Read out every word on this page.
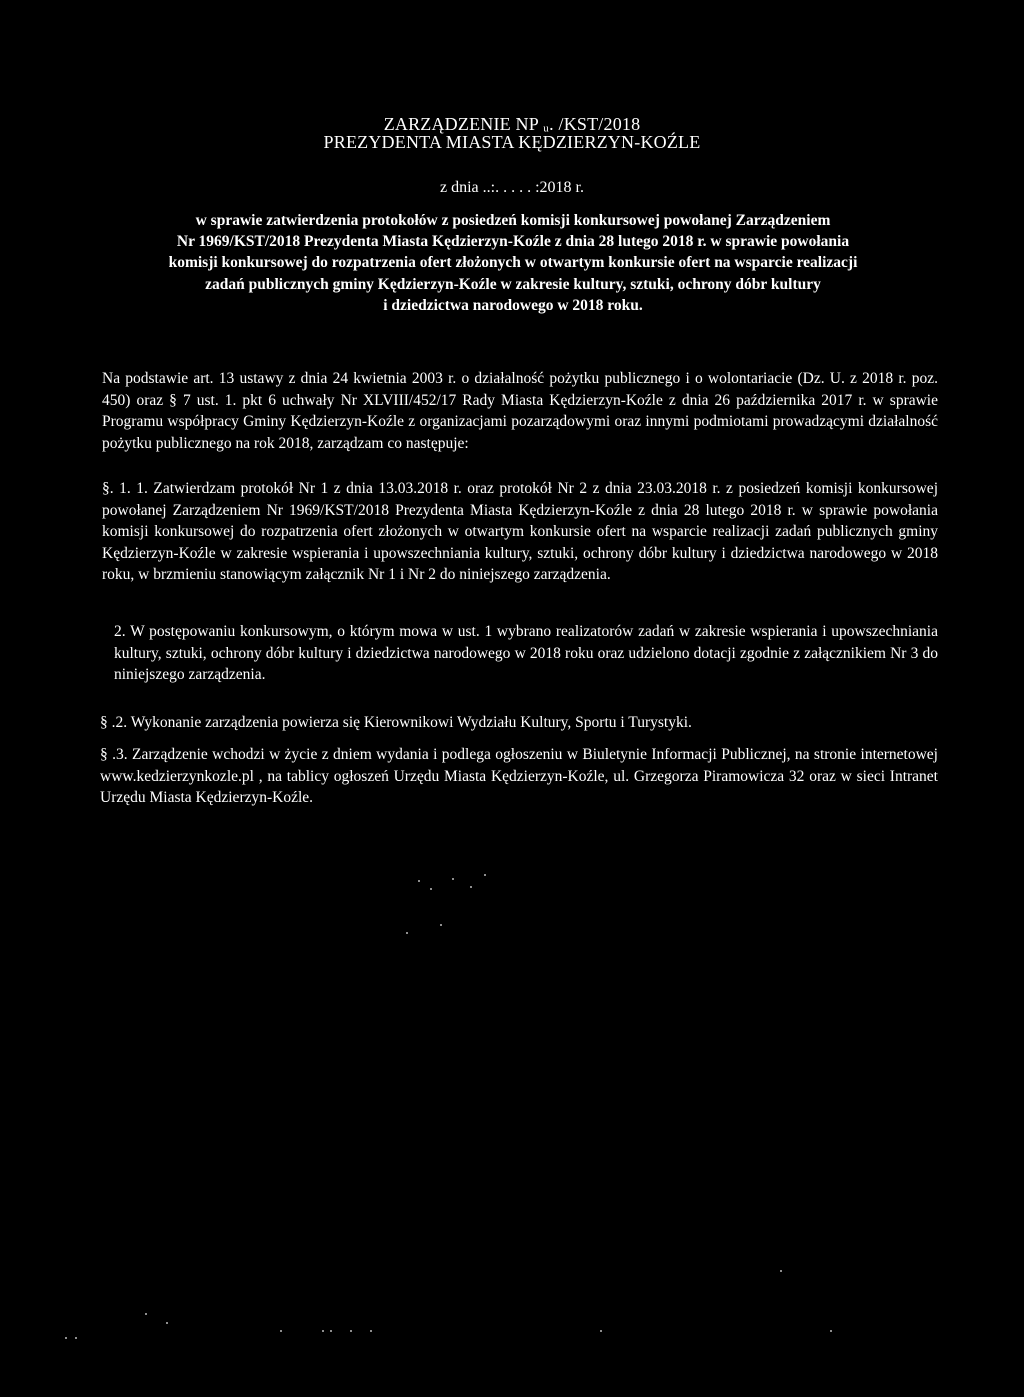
ZARZĄDZENIE NP ᵤ. /KST/2018
PREZYDENTA MIASTA KĘDZIERZYN-KOŹLE
z dnia ..:. . . . . :2018 r.
w sprawie zatwierdzenia protokołów z posiedzeń komisji konkursowej powołanej Zarządzeniem
Nr 1969/KST/2018 Prezydenta Miasta Kędzierzyn-Koźle z dnia 28 lutego 2018 r. w sprawie powołania
komisji konkursowej do rozpatrzenia ofert złożonych w otwartym konkursie ofert na wsparcie realizacji
zadań publicznych gminy Kędzierzyn-Koźle w zakresie kultury, sztuki, ochrony dóbr kultury
i dziedzictwa narodowego w 2018 roku.
Na podstawie art. 13 ustawy z dnia 24 kwietnia 2003 r. o działalność pożytku publicznego i o wolontariacie (Dz. U. z 2018 r. poz. 450) oraz § 7 ust. 1. pkt 6 uchwały Nr XLVIII/452/17 Rady Miasta Kędzierzyn-Koźle z dnia 26 października 2017 r. w sprawie Programu współpracy Gminy Kędzierzyn-Koźle z organizacjami pozarządowymi oraz innymi podmiotami prowadzącymi działalność pożytku publicznego na rok 2018, zarządzam co następuje:
§. 1. 1. Zatwierdzam protokół Nr 1 z dnia 13.03.2018 r. oraz protokół Nr 2 z dnia 23.03.2018 r. z posiedzeń komisji konkursowej powołanej Zarządzeniem Nr 1969/KST/2018 Prezydenta Miasta Kędzierzyn-Koźle z dnia 28 lutego 2018 r. w sprawie powołania komisji konkursowej do rozpatrzenia ofert złożonych w otwartym konkursie ofert na wsparcie realizacji zadań publicznych gminy Kędzierzyn-Koźle w zakresie wspierania i upowszechniania kultury, sztuki, ochrony dóbr kultury i dziedzictwa narodowego w 2018 roku, w brzmieniu stanowiącym załącznik Nr 1 i Nr 2 do niniejszego zarządzenia.
2. W postępowaniu konkursowym, o którym mowa w ust. 1 wybrano realizatorów zadań w zakresie wspierania i upowszechniania kultury, sztuki, ochrony dóbr kultury i dziedzictwa narodowego w 2018 roku oraz udzielono dotacji zgodnie z załącznikiem Nr 3 do niniejszego zarządzenia.
§ .2. Wykonanie zarządzenia powierza się Kierownikowi Wydziału Kultury, Sportu i Turystyki.
§ .3. Zarządzenie wchodzi w życie z dniem wydania i podlega ogłoszeniu w Biuletynie Informacji Publicznej, na stronie internetowej www.kedzierzynkozle.pl , na tablicy ogłoszeń Urzędu Miasta Kędzierzyn-Koźle, ul. Grzegorza Piramowicza 32 oraz w sieci Intranet Urzędu Miasta Kędzierzyn-Koźle.
